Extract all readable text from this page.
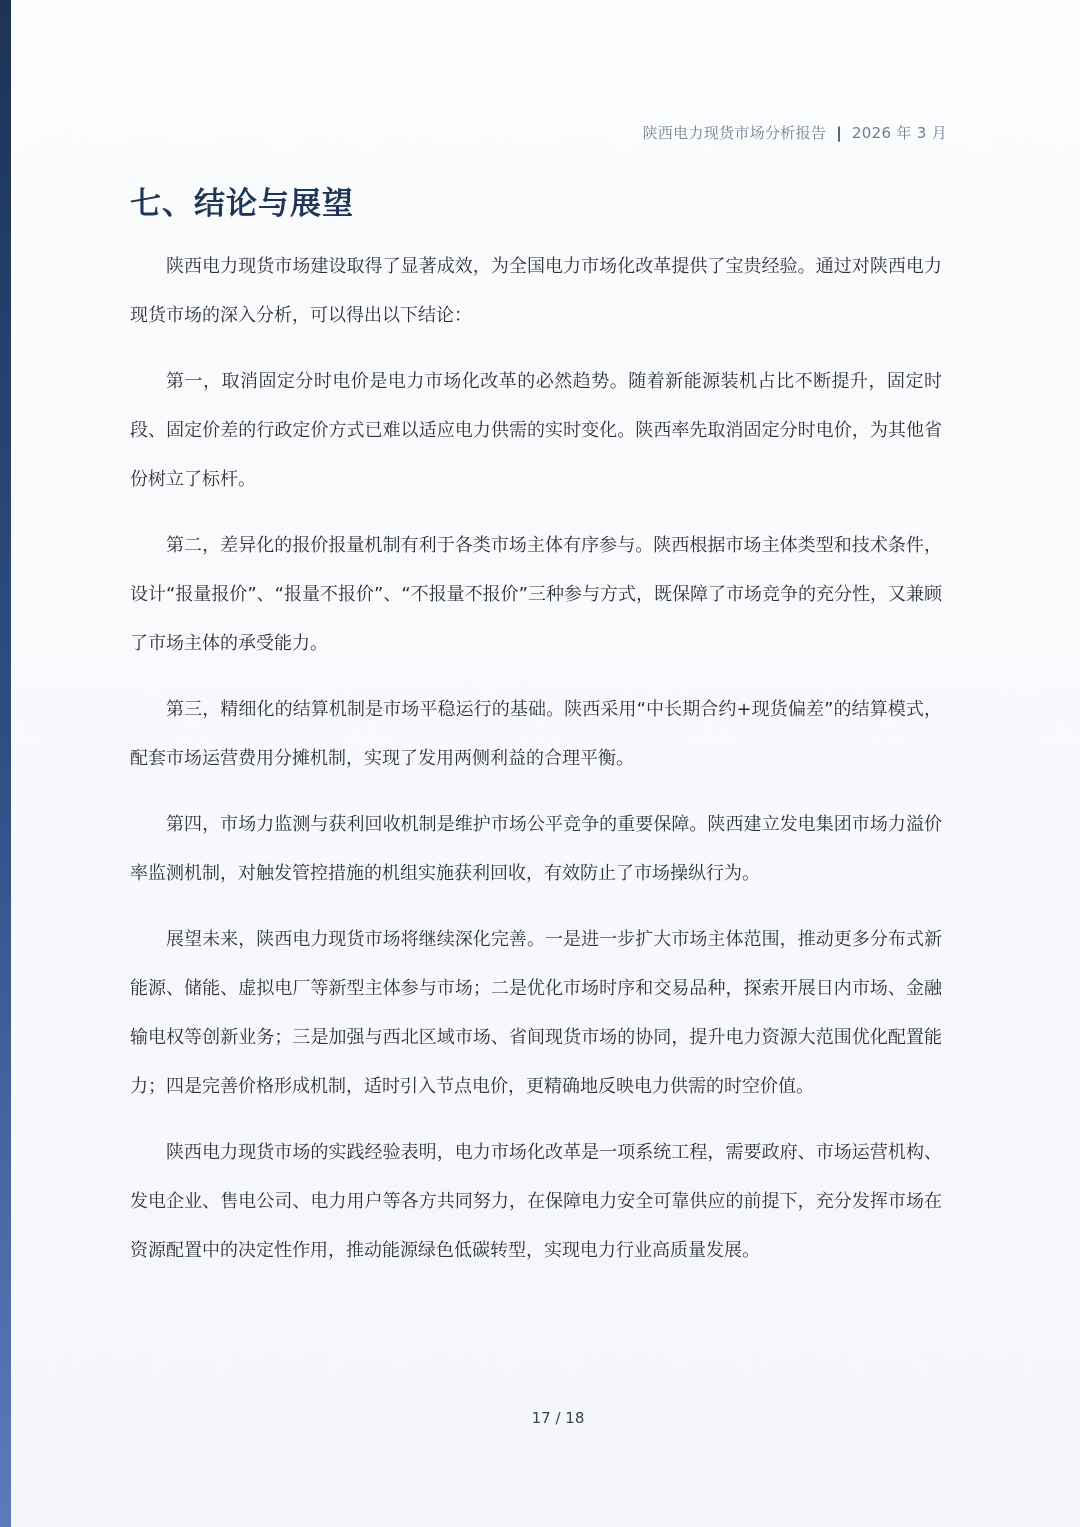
陕西电力现货市场分析报告 | 2026 年 3 月
七、结论与展望

陕西电力现货市场建设取得了显著成效，为全国电力市场化改革提供了宝贵经验。通过对陕西电力现货市场的深入分析，可以得出以下结论：

第一，取消固定分时电价是电力市场化改革的必然趋势。随着新能源装机占比不断提升，固定时段、固定价差的行政定价方式已难以适应电力供需的实时变化。陕西率先取消固定分时电价，为其他省份树立了标杆。

第二，差异化的报价报量机制有利于各类市场主体有序参与。陕西根据市场主体类型和技术条件，设计“报量报价”、“报量不报价”、“不报量不报价”三种参与方式，既保障了市场竞争的充分性，又兼顾了市场主体的承受能力。

第三，精细化的结算机制是市场平稳运行的基础。陕西采用“中长期合约+现货偏差”的结算模式，配套市场运营费用分摊机制，实现了发用两侧利益的合理平衡。

第四，市场力监测与获利回收机制是维护市场公平竞争的重要保障。陕西建立发电集团市场力溢价率监测机制，对触发管控措施的机组实施获利回收，有效防止了市场操纵行为。

展望未来，陕西电力现货市场将继续深化完善。一是进一步扩大市场主体范围，推动更多分布式新能源、储能、虚拟电厂等新型主体参与市场；二是优化市场时序和交易品种，探索开展日内市场、金融输电权等创新业务；三是加强与西北区域市场、省间现货市场的协同，提升电力资源大范围优化配置能力；四是完善价格形成机制，适时引入节点电价，更精确地反映电力供需的时空价值。

陕西电力现货市场的实践经验表明，电力市场化改革是一项系统工程，需要政府、市场运营机构、发电企业、售电公司、电力用户等各方共同努力，在保障电力安全可靠供应的前提下，充分发挥市场在资源配置中的决定性作用，推动能源绿色低碳转型，实现电力行业高质量发展。

17 / 18
